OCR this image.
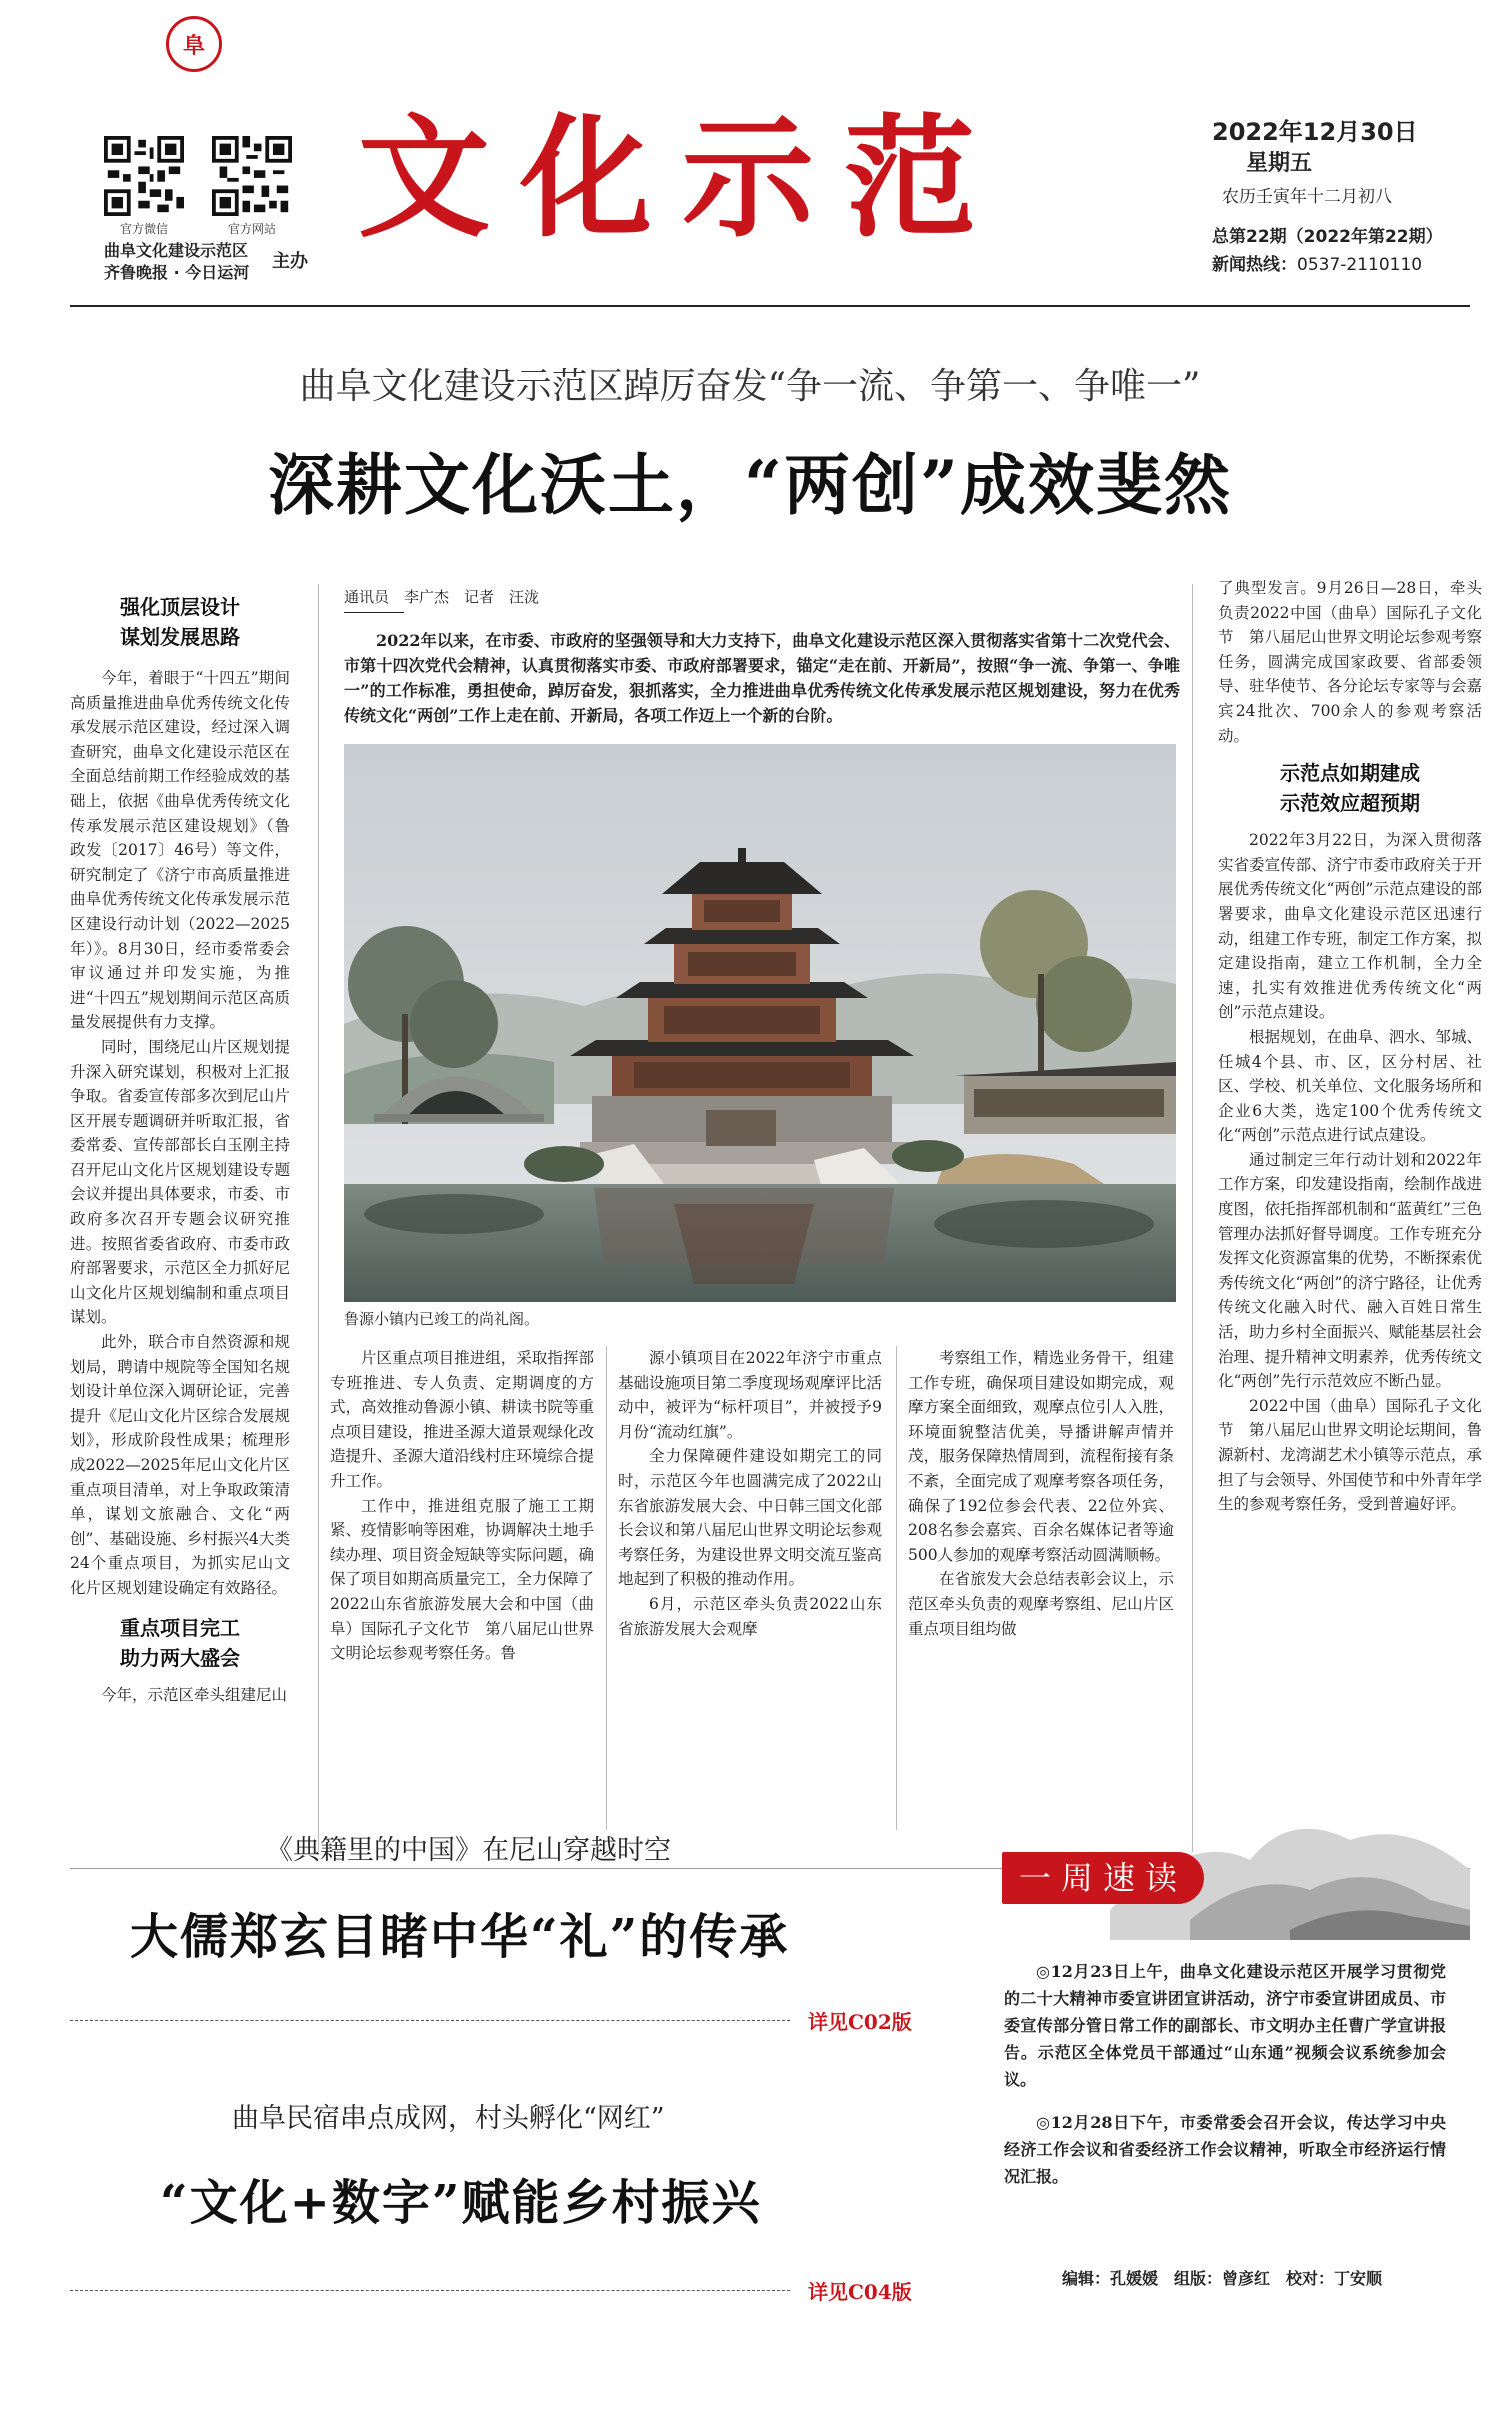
阜
官方微信	官方网站
曲阜文化建设示范区
齐鲁晚报 · 今日运河
主办
文化示范	2022年12月30日
星期五
农历壬寅年十二月初八
总第22期（2022年第22期）
新闻热线：0537-2110110
曲阜文化建设示范区踔厉奋发“争一流、争第一、争唯一”
深耕文化沃土，“两创”成效斐然
强化顶层设计
谋划发展思路

今年，着眼于“十四五”期间高质量推进曲阜优秀传统文化传承发展示范区建设，经过深入调查研究，曲阜文化建设示范区在全面总结前期工作经验成效的基础上，依据《曲阜优秀传统文化传承发展示范区建设规划》（鲁政发〔2017〕46号）等文件，研究制定了《济宁市高质量推进曲阜优秀传统文化传承发展示范区建设行动计划（2022—2025年）》。8月30日，经市委常委会审议通过并印发实施，为推进“十四五”规划期间示范区高质量发展提供有力支撑。

同时，围绕尼山片区规划提升深入研究谋划，积极对上汇报争取。省委宣传部多次到尼山片区开展专题调研并听取汇报，省委常委、宣传部部长白玉刚主持召开尼山文化片区规划建设专题会议并提出具体要求，市委、市政府多次召开专题会议研究推进。按照省委省政府、市委市政府部署要求，示范区全力抓好尼山文化片区规划编制和重点项目谋划。

此外，联合市自然资源和规划局，聘请中规院等全国知名规划设计单位深入调研论证，完善提升《尼山文化片区综合发展规划》，形成阶段性成果；梳理形成2022—2025年尼山文化片区重点项目清单，对上争取政策清单，谋划文旅融合、文化“两创”、基础设施、乡村振兴4大类24个重点项目，为抓实尼山文化片区规划建设确定有效路径。

重点项目完工
助力两大盛会

今年，示范区牵头组建尼山

通讯员　李广杰　记者　汪泷

2022年以来，在市委、市政府的坚强领导和大力支持下，曲阜文化建设示范区深入贯彻落实省第十二次党代会、市第十四次党代会精神，认真贯彻落实市委、市政府部署要求，锚定“走在前、开新局”，按照“争一流、争第一、争唯一”的工作标准，勇担使命，踔厉奋发，狠抓落实，全力推进曲阜优秀传统文化传承发展示范区规划建设，努力在优秀传统文化“两创”工作上走在前、开新局，各项工作迈上一个新的台阶。

鲁源小镇内已竣工的尚礼阁。

片区重点项目推进组，采取指挥部专班推进、专人负责、定期调度的方式，高效推动鲁源小镇、耕读书院等重点项目建设，推进圣源大道景观绿化改造提升、圣源大道沿线村庄环境综合提升工作。

工作中，推进组克服了施工工期紧、疫情影响等困难，协调解决土地手续办理、项目资金短缺等实际问题，确保了项目如期高质量完工，全力保障了2022山东省旅游发展大会和中国（曲阜）国际孔子文化节　第八届尼山世界文明论坛参观考察任务。鲁

源小镇项目在2022年济宁市重点基础设施项目第二季度现场观摩评比活动中，被评为“标杆项目”，并被授予9月份“流动红旗”。

全力保障硬件建设如期完工的同时，示范区今年也圆满完成了2022山东省旅游发展大会、中日韩三国文化部长会议和第八届尼山世界文明论坛参观考察任务，为建设世界文明交流互鉴高地起到了积极的推动作用。

6月，示范区牵头负责2022山东省旅游发展大会观摩

考察组工作，精选业务骨干，组建工作专班，确保项目建设如期完成，观摩方案全面细致，观摩点位引人入胜，环境面貌整洁优美，导播讲解声情并茂，服务保障热情周到，流程衔接有条不紊，全面完成了观摩考察各项任务，确保了192位参会代表、22位外宾、208名参会嘉宾、百余名媒体记者等逾500人参加的观摩考察活动圆满顺畅。

在省旅发大会总结表彰会议上，示范区牵头负责的观摩考察组、尼山片区重点项目组均做

了典型发言。9月26日—28日，牵头负责2022中国（曲阜）国际孔子文化节　第八届尼山世界文明论坛参观考察任务，圆满完成国家政要、省部委领导、驻华使节、各分论坛专家等与会嘉宾24批次、700余人的参观考察活动。

示范点如期建成
示范效应超预期

2022年3月22日，为深入贯彻落实省委宣传部、济宁市委市政府关于开展优秀传统文化“两创”示范点建设的部署要求，曲阜文化建设示范区迅速行动，组建工作专班，制定工作方案，拟定建设指南，建立工作机制，全力全速，扎实有效推进优秀传统文化“两创”示范点建设。

根据规划，在曲阜、泗水、邹城、任城4个县、市、区，区分村居、社区、学校、机关单位、文化服务场所和企业6大类，选定100个优秀传统文化“两创”示范点进行试点建设。

通过制定三年行动计划和2022年工作方案，印发建设指南，绘制作战进度图，依托指挥部机制和“蓝黄红”三色管理办法抓好督导调度。工作专班充分发挥文化资源富集的优势，不断探索优秀传统文化“两创”的济宁路径，让优秀传统文化融入时代、融入百姓日常生活，助力乡村全面振兴、赋能基层社会治理、提升精神文明素养，优秀传统文化“两创”先行示范效应不断凸显。

2022中国（曲阜）国际孔子文化节　第八届尼山世界文明论坛期间，鲁源新村、龙湾湖艺术小镇等示范点，承担了与会领导、外国使节和中外青年学生的参观考察任务，受到普遍好评。

《典籍里的中国》在尼山穿越时空
大儒郑玄目睹中华“礼”的传承
详见C02版
曲阜民宿串点成网，村头孵化“网红”
“文化+数字”赋能乡村振兴
详见C04版
一周速读

◎12月23日上午，曲阜文化建设示范区开展学习贯彻党的二十大精神市委宣讲团宣讲活动，济宁市委宣讲团成员、市委宣传部分管日常工作的副部长、市文明办主任曹广学宣讲报告。示范区全体党员干部通过“山东通”视频会议系统参加会议。

◎12月28日下午，市委常委会召开会议，传达学习中央经济工作会议和省委经济工作会议精神，听取全市经济运行情况汇报。

编辑：孔媛媛　组版：曾彦红　校对：丁安顺
